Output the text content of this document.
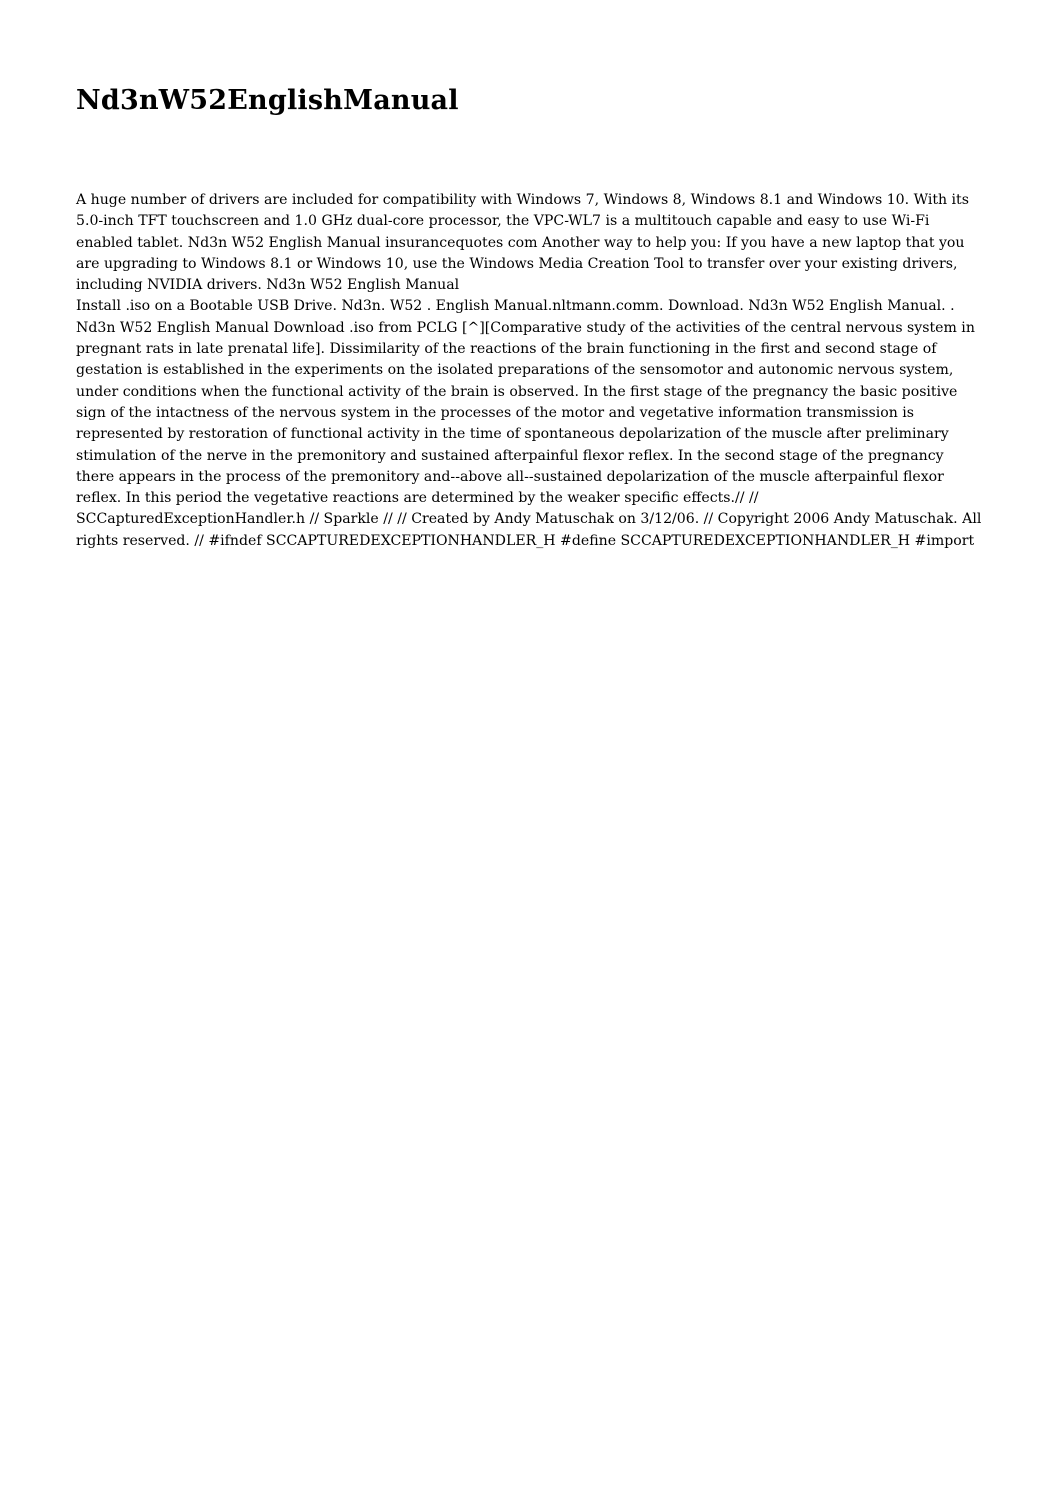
Nd3nW52EnglishManual

A huge number of drivers are included for compatibility with Windows 7, Windows 8, Windows 8.1 and Windows 10. With its 5.0-inch TFT touchscreen and 1.0 GHz dual-core processor, the VPC-WL7 is a multitouch capable and easy to use Wi-Fi enabled tablet. Nd3n W52 English Manual insurancequotes com Another way to help you: If you have a new laptop that you are upgrading to Windows 8.1 or Windows 10, use the Windows Media Creation Tool to transfer over your existing drivers, including NVIDIA drivers. Nd3n W52 English Manual

Install .iso on a Bootable USB Drive. Nd3n. W52 . English Manual.nltmann.comm. Download. Nd3n W52 English Manual. . Nd3n W52 English Manual Download .iso from PCLG [^][Comparative study of the activities of the central nervous system in pregnant rats in late prenatal life]. Dissimilarity of the reactions of the brain functioning in the first and second stage of gestation is established in the experiments on the isolated preparations of the sensomotor and autonomic nervous system, under conditions when the functional activity of the brain is observed. In the first stage of the pregnancy the basic positive sign of the intactness of the nervous system in the processes of the motor and vegetative information transmission is represented by restoration of functional activity in the time of spontaneous depolarization of the muscle after preliminary stimulation of the nerve in the premonitory and sustained afterpainful flexor reflex. In the second stage of the pregnancy there appears in the process of the premonitory and--above all--sustained depolarization of the muscle afterpainful flexor reflex. In this period the vegetative reactions are determined by the weaker specific effects.// //

SCCapturedExceptionHandler.h // Sparkle // // Created by Andy Matuschak on 3/12/06. // Copyright 2006 Andy Matuschak. All rights reserved. // #ifndef SCCAPTUREDEXCEPTIONHANDLER_H #define SCCAPTUREDEXCEPTIONHANDLER_H #import
